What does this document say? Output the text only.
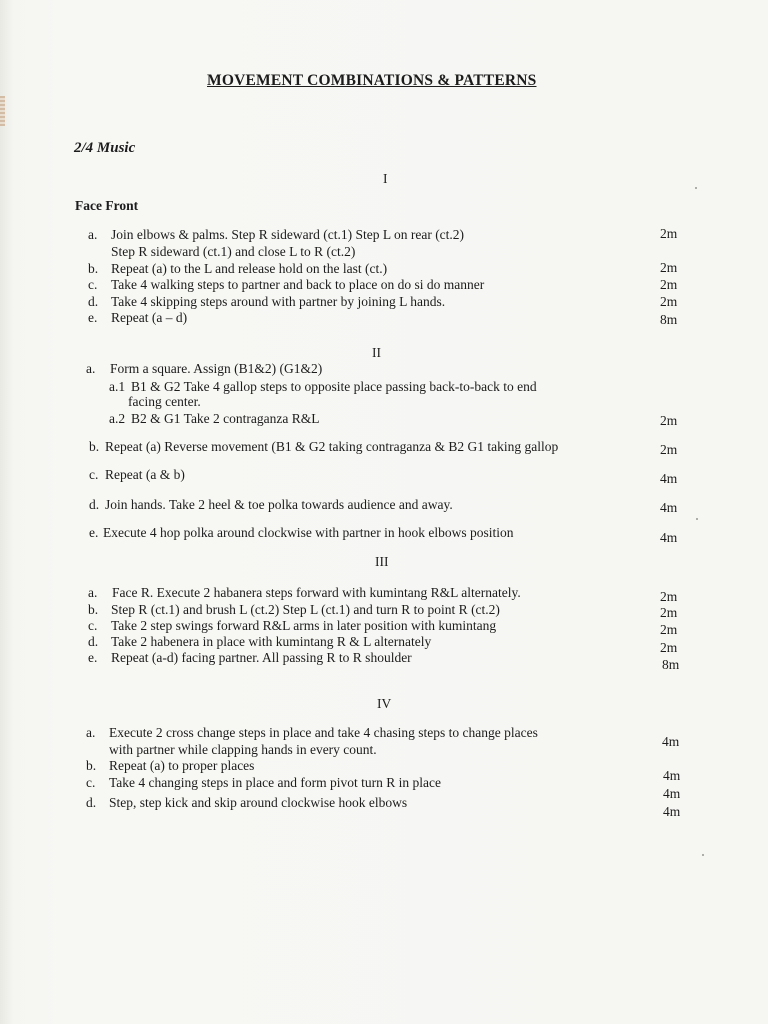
MOVEMENT COMBINATIONS & PATTERNS
2/4 Music
I
Face Front
a. Join elbows & palms. Step R sideward (ct.1) Step L on rear (ct.2)
Step R sideward (ct.1) and close L to R (ct.2)
2m
b. Repeat (a) to the L and release hold on the last (ct.)	2m
c. Take 4 walking steps to partner and back to place on do si do manner	2m
d. Take 4 skipping steps around with partner by joining L hands.	2m
e. Repeat (a – d)	8m
II
a. Form a square. Assign (B1&2) (G1&2)
a.1 B1 & G2 Take 4 gallop steps to opposite place passing back-to-back to end
facing center.
a.2 B2 & G1 Take 2 contraganza R&L	2m
b. Repeat (a) Reverse movement (B1 & G2 taking contraganza & B2 G1 taking gallop	2m
c. Repeat (a & b)	4m
d. Join hands. Take 2 heel & toe polka towards audience and away.	4m
e. Execute 4 hop polka around clockwise with partner in hook elbows position	4m
III
a. Face R. Execute 2 habanera steps forward with kumintang R&L alternately.	2m
b. Step R (ct.1) and brush L (ct.2) Step L (ct.1) and turn R to point R (ct.2)	2m
c. Take 2 step swings forward R&L arms in later position with kumintang	2m
d. Take 2 habenera in place with kumintang R & L alternately	2m
e. Repeat (a-d) facing partner. All passing R to R shoulder	8m
IV
a. Execute 2 cross change steps in place and take 4 chasing steps to change places
with partner while clapping hands in every count.
4m
b. Repeat (a) to proper places
4m
c. Take 4 changing steps in place and form pivot turn R in place
4m
d. Step, step kick and skip around clockwise hook elbows
4m
